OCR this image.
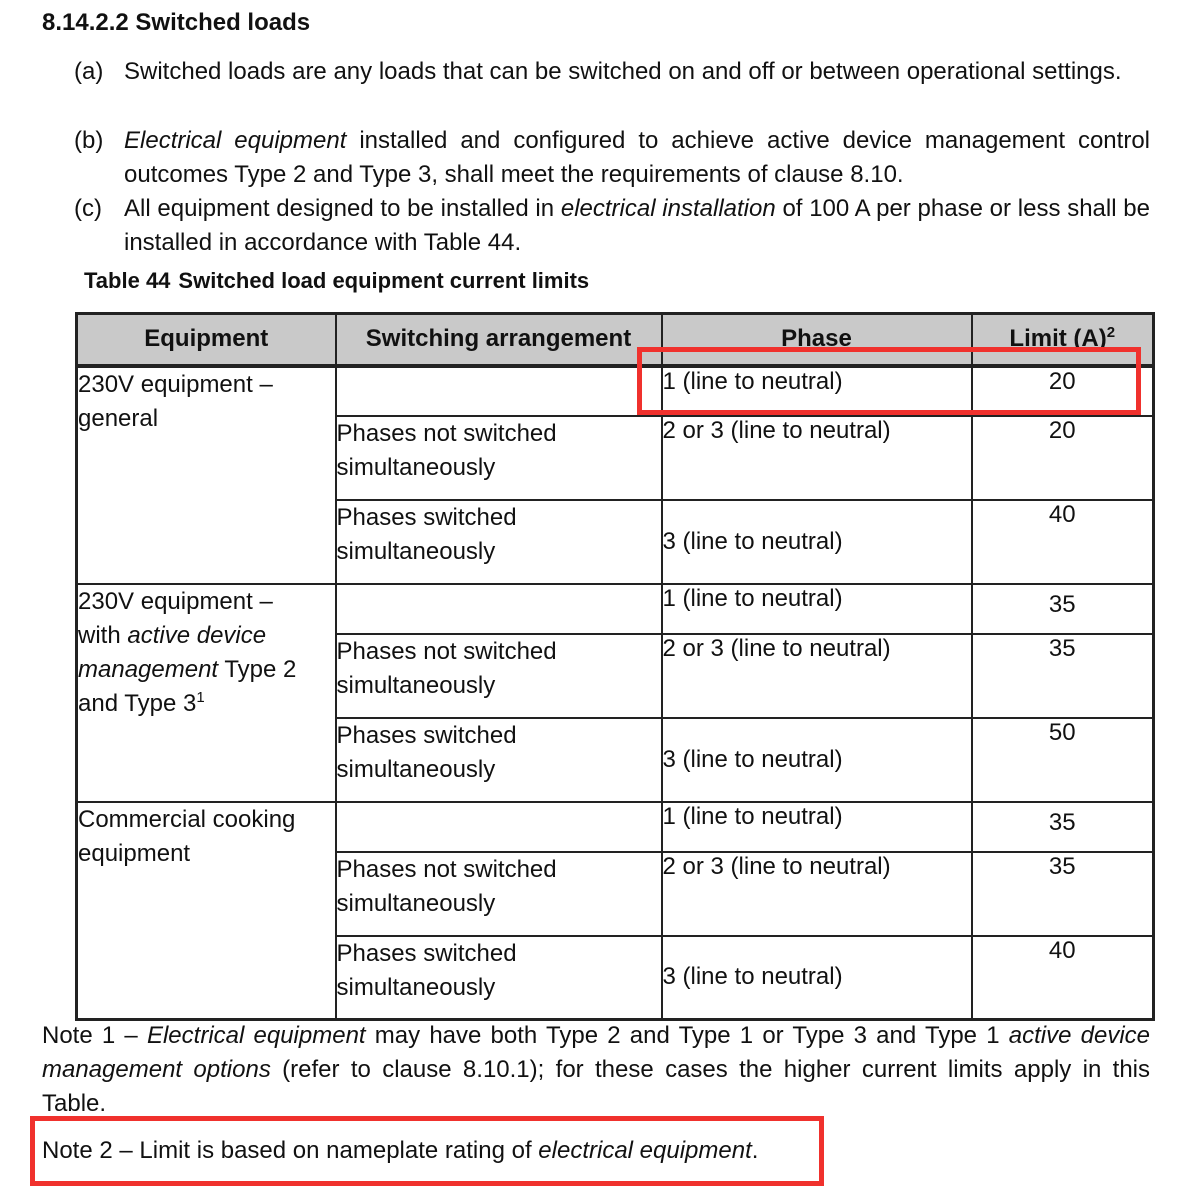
8.14.2.2 Switched loads
(a) Switched loads are any loads that can be switched on and off or between operational settings.
(b) Electrical equipment installed and configured to achieve active device management control outcomes Type 2 and Type 3, shall meet the requirements of clause 8.10.
(c) All equipment designed to be installed in electrical installation of 100 A per phase or less shall be installed in accordance with Table 44.
Table 44 Switched load equipment current limits
Equipment	Switching arrangement	Phase	Limit $(A)^2$
230V equipment –
general		1 (line to neutral)	20
	Phases not switched simultaneously	2 or 3 (line to neutral)	20
	Phases switched simultaneously	3 (line to neutral)	40
230V equipment –
with active device
management Type 2
and Type $3^1$		1 (line to neutral)	35
	Phases not switched simultaneously	2 or 3 (line to neutral)	35
	Phases switched simultaneously	3 (line to neutral)	50
Commercial cooking
equipment		1 (line to neutral)	35
	Phases not switched simultaneously	2 or 3 (line to neutral)	35
	Phases switched simultaneously	3 (line to neutral)	40
Note 1 – Electrical equipment may have both Type 2 and Type 1 or Type 3 and Type 1 active device management options (refer to clause 8.10.1); for these cases the higher current limits apply in this Table.
Note 2 – Limit is based on nameplate rating of electrical equipment.
